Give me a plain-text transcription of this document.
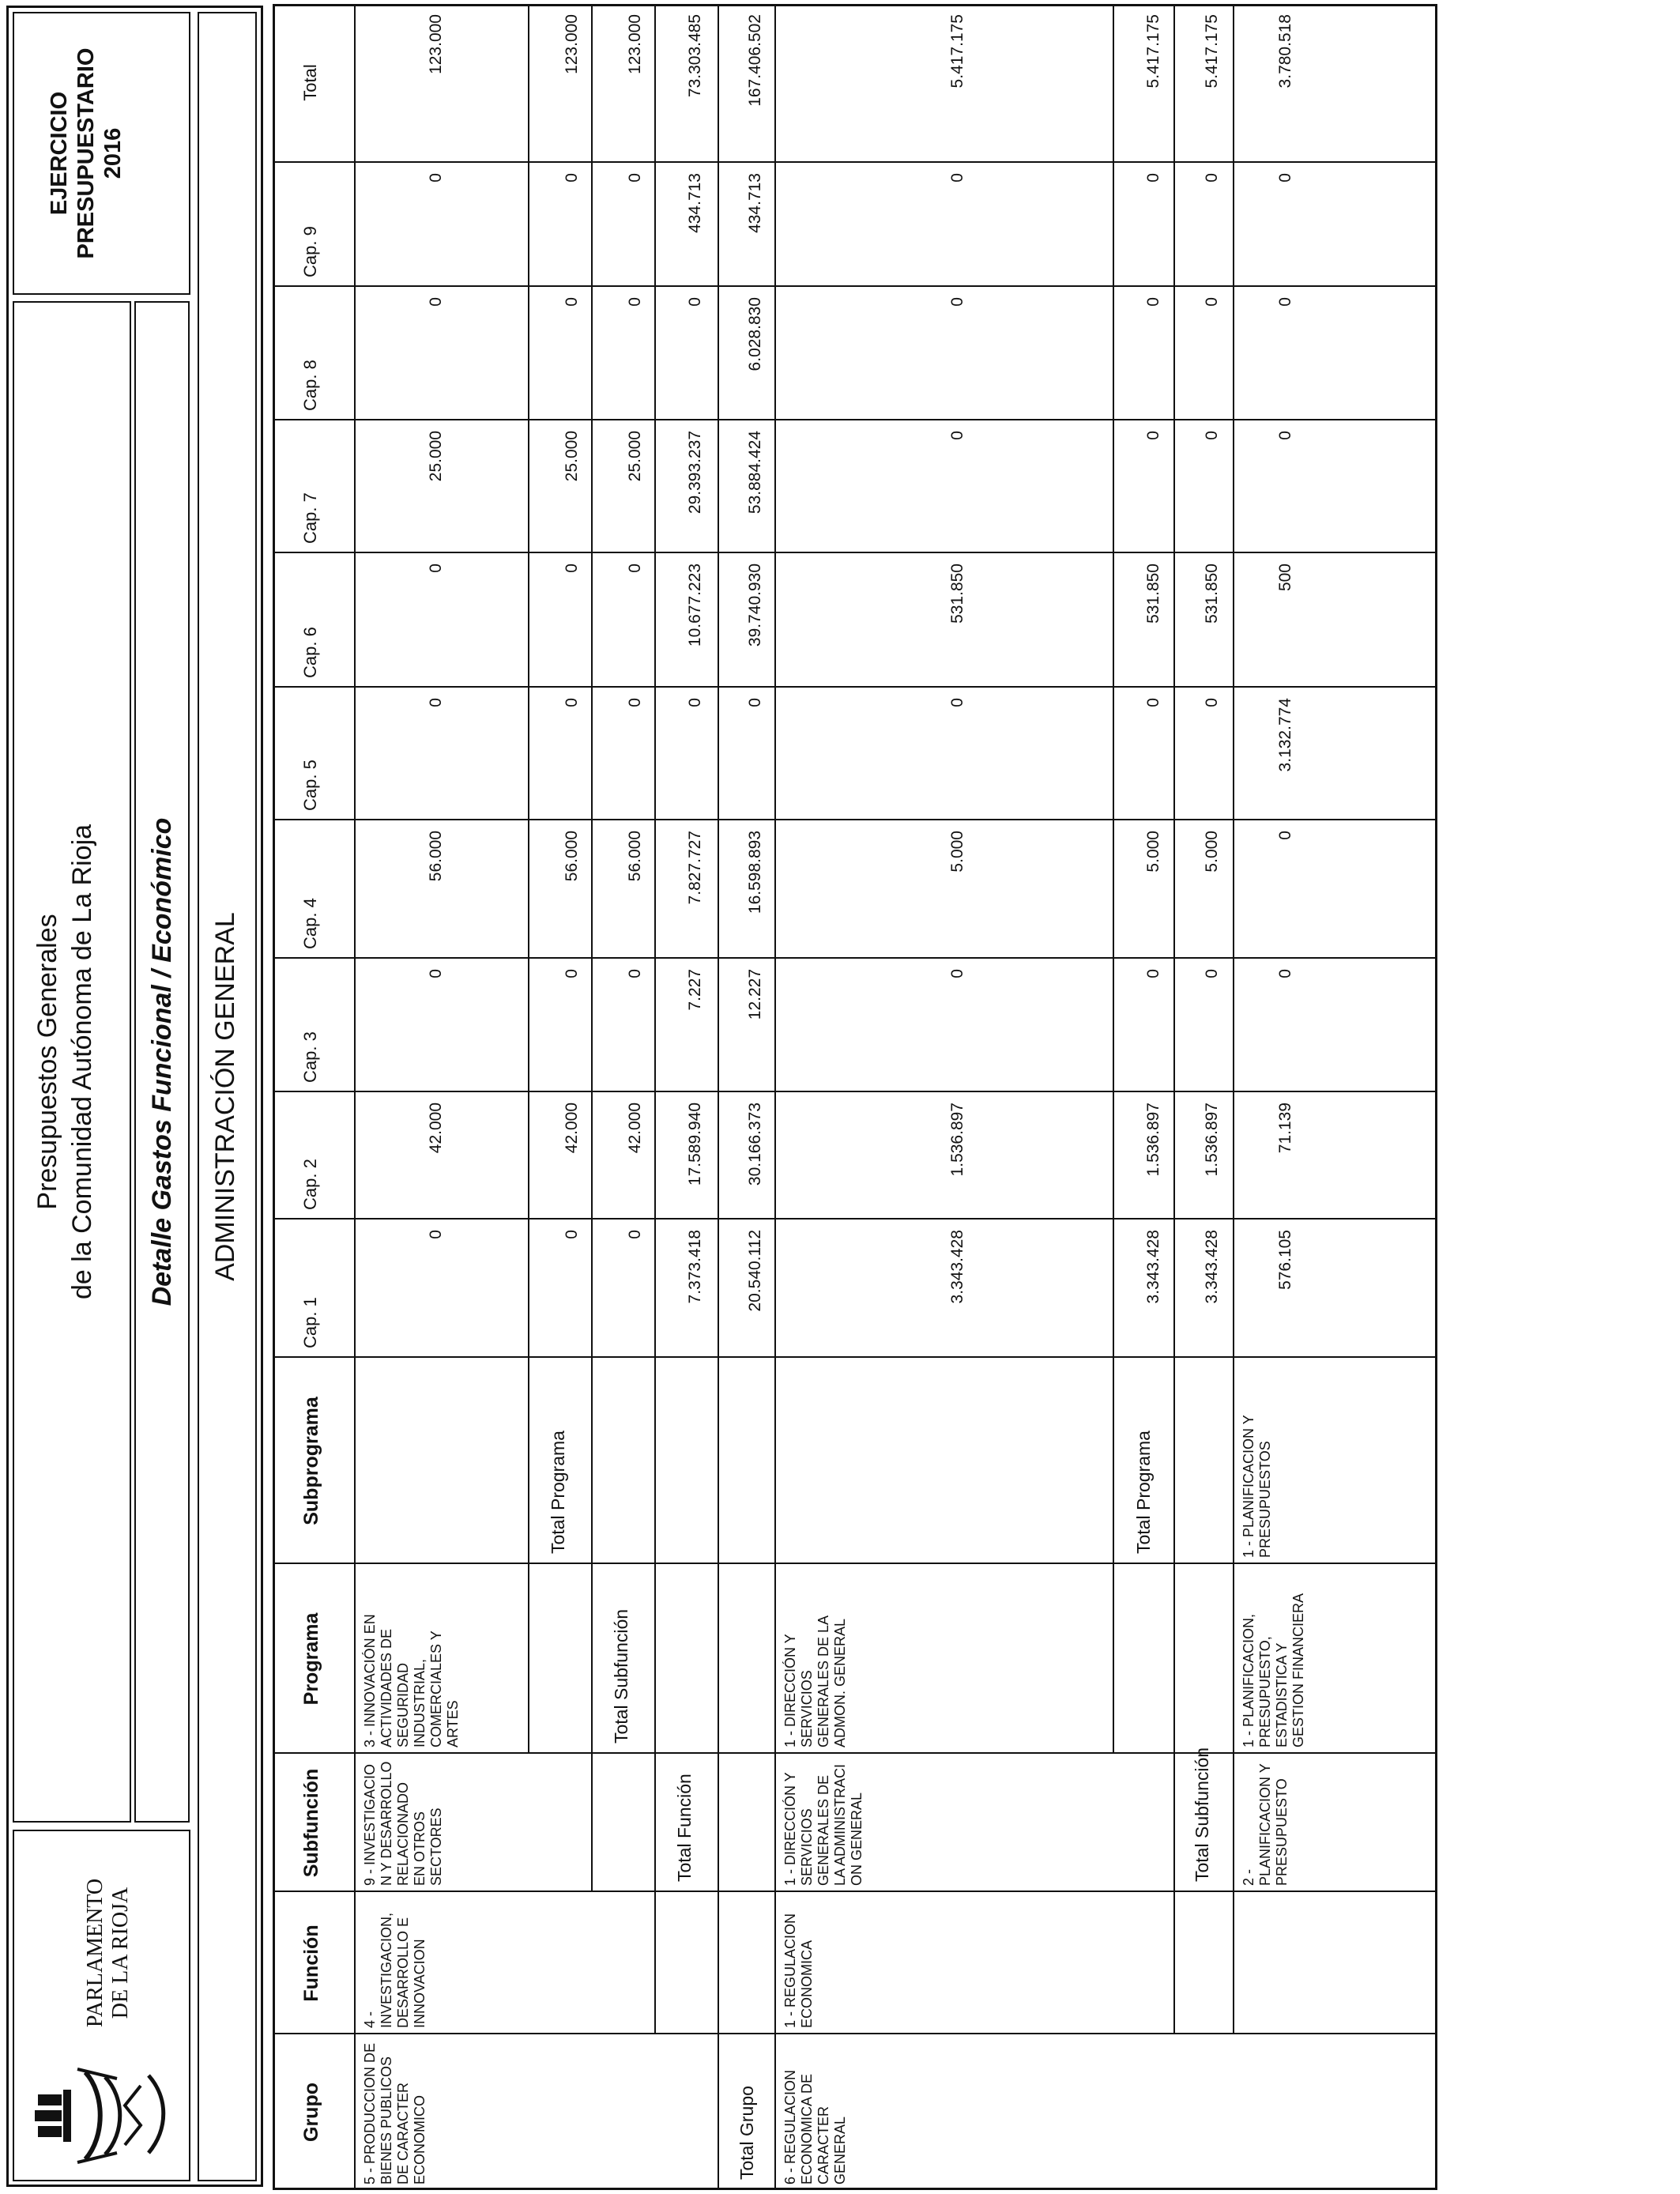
PARLAMENTO DE LA RIOJA
Presupuestos Generales de la Comunidad Autónoma de La Rioja Detalle Gastos Funcional / Económico
EJERCICIO PRESUPUESTARIO 2016
ADMINISTRACIÓN GENERAL
Grupo
Función
Subfunción
Programa
Subprograma
Cap. 1
Cap. 2
Cap. 3
Cap. 4
Cap. 5
Cap. 6
Cap. 7
Cap. 8
Cap. 9
Total
5 - PRODUCCION DE BIENES PUBLICOS DE CARACTER ECONOMICO
4 - INVESTIGACION, DESARROLLO E INNOVACION
9 - INVESTIGACIO N Y DESARROLLO RELACIONADO EN OTROS SECTORES
3 - INNOVACIÓN EN ACTIVIDADES DE SEGURIDAD INDUSTRIAL, COMERCIALES Y ARTES
Total Programa
Total Subfunción
Total Función
Total Grupo
0
42.000
0
56.000
0
0
25.000
0
0
123.000
0
42.000
0
56.000
0
0
25.000
0
0
123.000
0
42.000
0
56.000
0
0
25.000
0
0
123.000
7.373.418
17.589.940
7.227
7.827.727
0
10.677.223
29.393.237
0
434.713
73.303.485
20.540.112
30.166.373
12.227
16.598.893
0
39.740.930
53.884.424
6.028.830
434.713
167.406.502
6 - REGULACION ECONOMICA DE CARACTER GENERAL
1 - REGULACION ECONOMICA
1 - DIRECCIÓN Y SERVICIOS GENERALES DE LA ADMINISTRACI ON GENERAL
1 - DIRECCIÓN Y SERVICIOS GENERALES DE LA ADMON. GENERAL
Total Programa
Total Subfunción
3.343.428
1.536.897
0
5.000
0
531.850
0
0
0
5.417.175
3.343.428
1.536.897
0
5.000
0
531.850
0
0
0
5.417.175
3.343.428
1.536.897
0
5.000
0
531.850
0
0
0
5.417.175
2 - PLANIFICACION Y PRESUPUESTO
1 - PLANIFICACION, PRESUPUESTO, ESTADISTICA Y GESTION FINANCIERA
1 - PLANIFICACION Y PRESUPUESTOS
576.105
71.139
0
0
3.132.774
500
0
0
0
3.780.518
